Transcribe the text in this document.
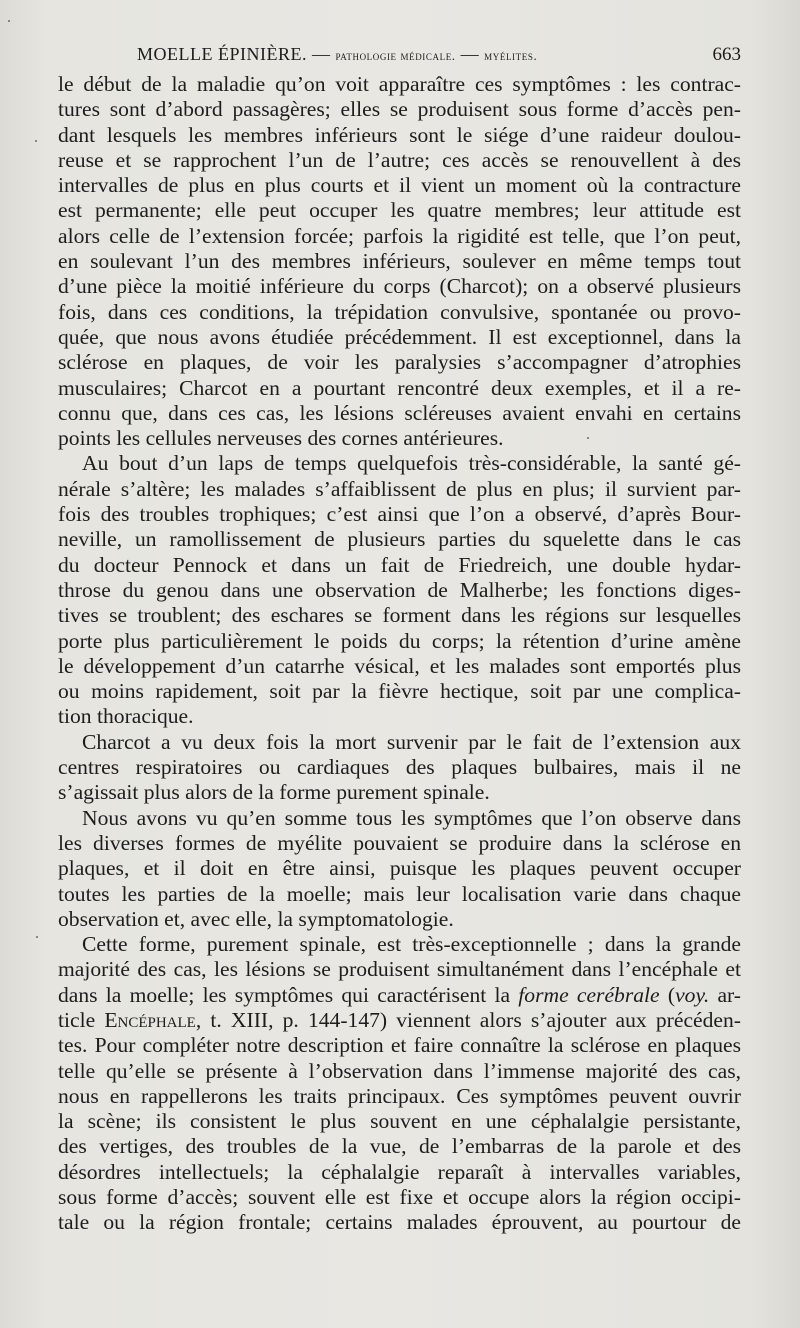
MOELLE ÉPINIÈRE. — pathologie médicale. — myélites.	663

le début de la maladie qu’on voit apparaître ces symptômes : les contrac-

tures sont d’abord passagères; elles se produisent sous forme d’accès pen-

dant lesquels les membres inférieurs sont le siége d’une raideur doulou-

reuse et se rapprochent l’un de l’autre; ces accès se renouvellent à des

intervalles de plus en plus courts et il vient un moment où la contracture

est permanente; elle peut occuper les quatre membres; leur attitude est

alors celle de l’extension forcée; parfois la rigidité est telle, que l’on peut,

en soulevant l’un des membres inférieurs, soulever en même temps tout

d’une pièce la moitié inférieure du corps (Charcot); on a observé plusieurs

fois, dans ces conditions, la trépidation convulsive, spontanée ou provo-

quée, que nous avons étudiée précédemment. Il est exceptionnel, dans la

sclérose en plaques, de voir les paralysies s’accompagner d’atrophies

musculaires; Charcot en a pourtant rencontré deux exemples, et il a re-

connu que, dans ces cas, les lésions scléreuses avaient envahi en certains

points les cellules nerveuses des cornes antérieures.

Au bout d’un laps de temps quelquefois très-considérable, la santé gé-

nérale s’altère; les malades s’affaiblissent de plus en plus; il survient par-

fois des troubles trophiques; c’est ainsi que l’on a observé, d’après Bour-

neville, un ramollissement de plusieurs parties du squelette dans le cas

du docteur Pennock et dans un fait de Friedreich, une double hydar-

throse du genou dans une observation de Malherbe; les fonctions diges-

tives se troublent; des eschares se forment dans les régions sur lesquelles

porte plus particulièrement le poids du corps; la rétention d’urine amène

le développement d’un catarrhe vésical, et les malades sont emportés plus

ou moins rapidement, soit par la fièvre hectique, soit par une complica-

tion thoracique.

Charcot a vu deux fois la mort survenir par le fait de l’extension aux

centres respiratoires ou cardiaques des plaques bulbaires, mais il ne

s’agissait plus alors de la forme purement spinale.

Nous avons vu qu’en somme tous les symptômes que l’on observe dans

les diverses formes de myélite pouvaient se produire dans la sclérose en

plaques, et il doit en être ainsi, puisque les plaques peuvent occuper

toutes les parties de la moelle; mais leur localisation varie dans chaque

observation et, avec elle, la symptomatologie.

Cette forme, purement spinale, est très-exceptionnelle ; dans la grande

majorité des cas, les lésions se produisent simultanément dans l’encéphale et

dans la moelle; les symptômes qui caractérisent la forme cerébrale (voy. ar-

ticle Encéphale, t. XIII, p. 144-147) viennent alors s’ajouter aux précéden-

tes. Pour compléter notre description et faire connaître la sclérose en plaques

telle qu’elle se présente à l’observation dans l’immense majorité des cas,

nous en rappellerons les traits principaux. Ces symptômes peuvent ouvrir

la scène; ils consistent le plus souvent en une céphalalgie persistante,

des vertiges, des troubles de la vue, de l’embarras de la parole et des

désordres intellectuels; la céphalalgie reparaît à intervalles variables,

sous forme d’accès; souvent elle est fixe et occupe alors la région occipi-

tale ou la région frontale; certains malades éprouvent, au pourtour de
